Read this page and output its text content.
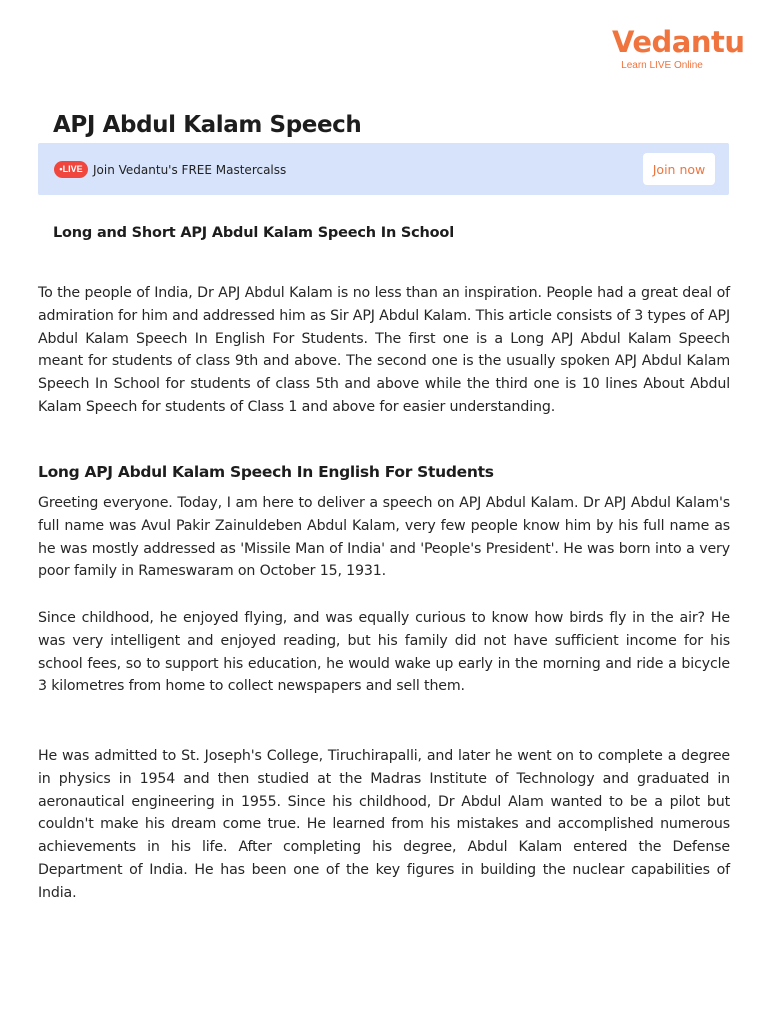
Vedantu
Learn LIVE Online
APJ Abdul Kalam Speech
•LIVE Join Vedantu's FREE Mastercalss	Join now
Long and Short APJ Abdul Kalam Speech In School

To the people of India, Dr APJ Abdul Kalam is no less than an inspiration. People had a great deal of admiration for him and addressed him as Sir APJ Abdul Kalam. This article consists of 3 types of APJ Abdul Kalam Speech In English For Students. The first one is a Long APJ Abdul Kalam Speech meant for students of class 9th and above. The second one is the usually spoken APJ Abdul Kalam Speech In School for students of class 5th and above while the third one is 10 lines About Abdul Kalam Speech for students of Class 1 and above for easier understanding.

Long APJ Abdul Kalam Speech In English For Students

Greeting everyone. Today, I am here to deliver a speech on APJ Abdul Kalam. Dr APJ Abdul Kalam's full name was Avul Pakir Zainuldeben Abdul Kalam, very few people know him by his full name as he was mostly addressed as 'Missile Man of India' and 'People's President'. He was born into a very poor family in Rameswaram on October 15, 1931.

Since childhood, he enjoyed flying, and was equally curious to know how birds fly in the air? He was very intelligent and enjoyed reading, but his family did not have sufficient income for his school fees, so to support his education, he would wake up early in the morning and ride a bicycle 3 kilometres from home to collect newspapers and sell them.

He was admitted to St. Joseph's College, Tiruchirapalli, and later he went on to complete a degree in physics in 1954 and then studied at the Madras Institute of Technology and graduated in aeronautical engineering in 1955. Since his childhood, Dr Abdul Alam wanted to be a pilot but couldn't make his dream come true. He learned from his mistakes and accomplished numerous achievements in his life. After completing his degree, Abdul Kalam entered the Defense Department of India. He has been one of the key figures in building the nuclear capabilities of India.
